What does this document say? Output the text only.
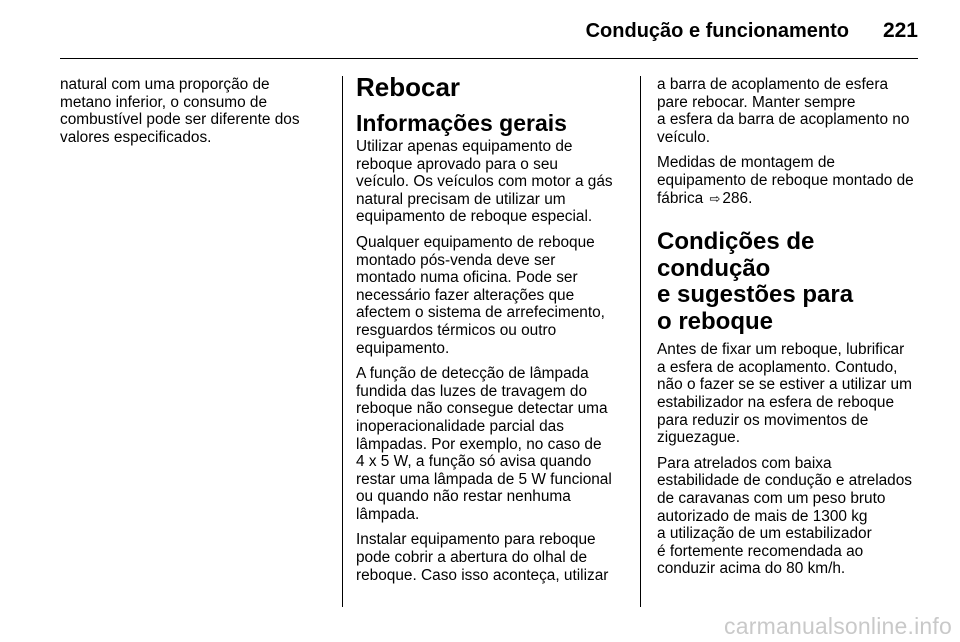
Condução e funcionamento 221

natural com uma proporção de
metano inferior, o consumo de
combustível pode ser diferente dos
valores especificados.

Rebocar
Informações gerais

Utilizar apenas equipamento de
reboque aprovado para o seu
veículo. Os veículos com motor a gás
natural precisam de utilizar um
equipamento de reboque especial.

Qualquer equipamento de reboque
montado pós-venda deve ser
montado numa oficina. Pode ser
necessário fazer alterações que
afectem o sistema de arrefecimento,
resguardos térmicos ou outro
equipamento.

A função de detecção de lâmpada
fundida das luzes de travagem do
reboque não consegue detectar uma
inoperacionalidade parcial das
lâmpadas. Por exemplo, no caso de
4 x 5 W, a função só avisa quando
restar uma lâmpada de 5 W funcional
ou quando não restar nenhuma
lâmpada.

Instalar equipamento para reboque
pode cobrir a abertura do olhal de
reboque. Caso isso aconteça, utilizar

a barra de acoplamento de esfera
pare rebocar. Manter sempre
a esfera da barra de acoplamento no
veículo.

Medidas de montagem de
equipamento de reboque montado de
fábrica ⇨ 286.

Condições de condução
e sugestões para
o reboque

Antes de fixar um reboque, lubrificar
a esfera de acoplamento. Contudo,
não o fazer se se estiver a utilizar um
estabilizador na esfera de reboque
para reduzir os movimentos de
ziguezague.

Para atrelados com baixa
estabilidade de condução e atrelados
de caravanas com um peso bruto
autorizado de mais de 1300 kg
a utilização de um estabilizador
é fortemente recomendada ao
conduzir acima do 80 km/h.

carmanualsonline.info
